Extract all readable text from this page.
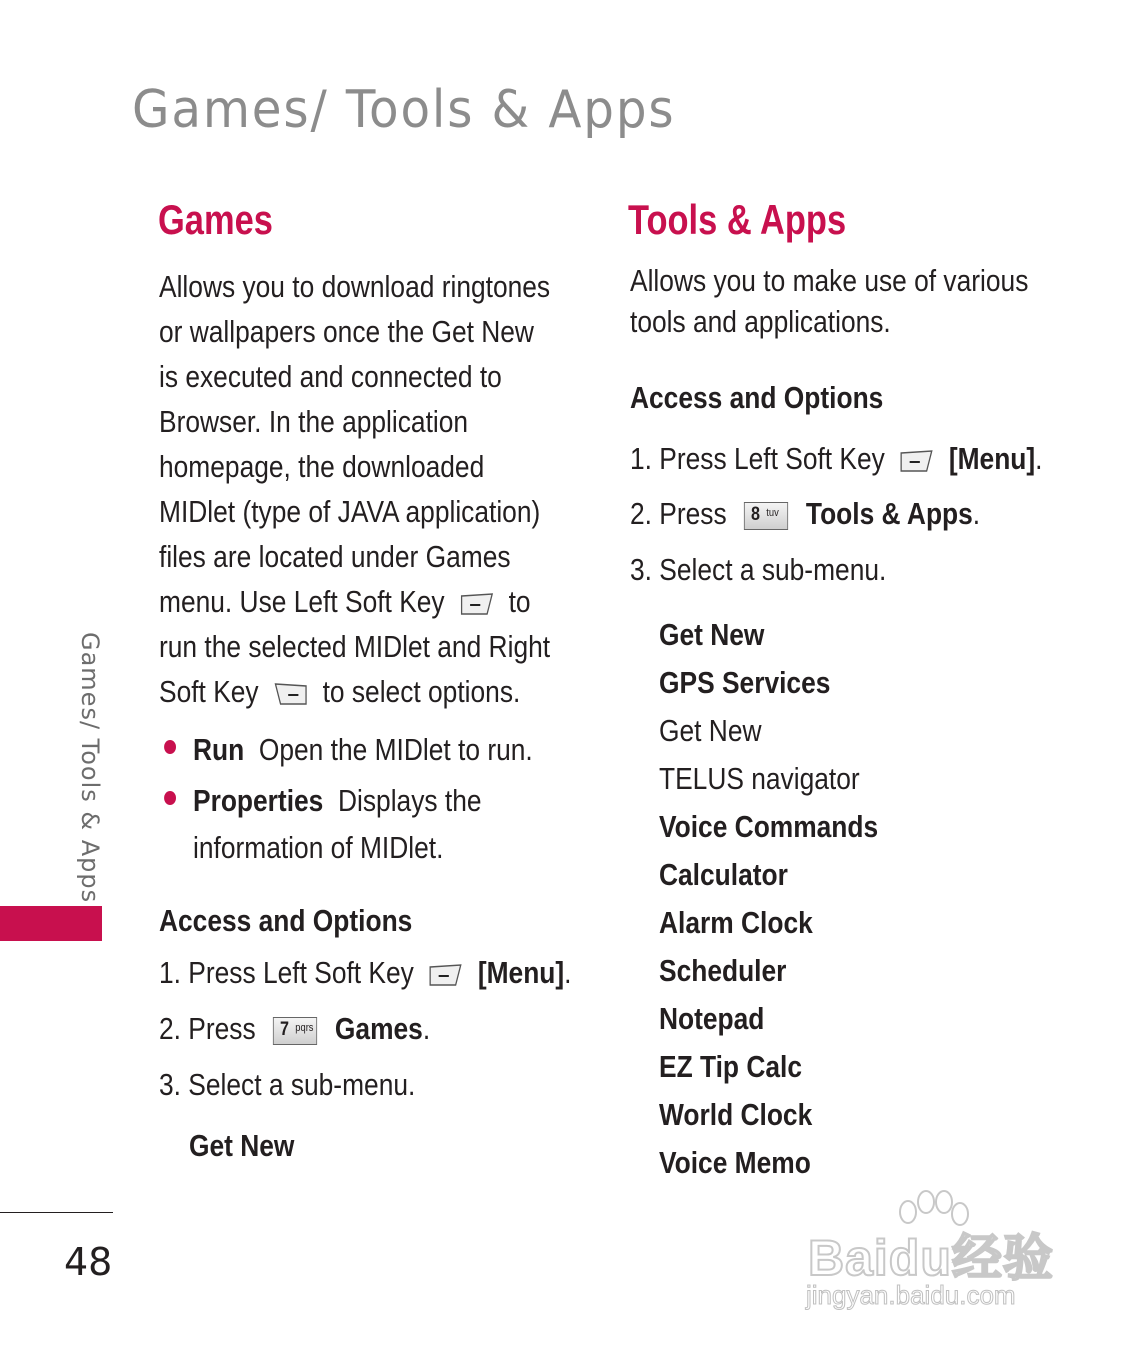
Games/ Tools & Apps
Games
Allows you to download ringtones
or wallpapers once the Get New
is executed and connected to
Browser. In the application
homepage, the downloaded
MIDlet (type of JAVA application)
files are located under Games
menu. Use Left Soft Key to
run the selected MIDlet and Right
Soft Key to select options.
Run Open the MIDlet to run.
Properties Displays the
information of MIDlet.
Access and Options

1. Press Left Soft Key [Menu].

2. Press 7 pqrs Games.

3. Select a sub-menu.

Get New
Tools & Apps
Allows you to make use of various
tools and applications.
Access and Options

1. Press Left Soft Key [Menu].

2. Press 8 tuv Tools & Apps.

3. Select a sub-menu.

Get New
GPS Services
Get New
TELUS navigator
Voice Commands
Calculator
Alarm Clock
Scheduler
Notepad
EZ Tip Calc
World Clock
Voice Memo
Games/ Tools & Apps

48	Baidu经验
jingyan.baidu.com
